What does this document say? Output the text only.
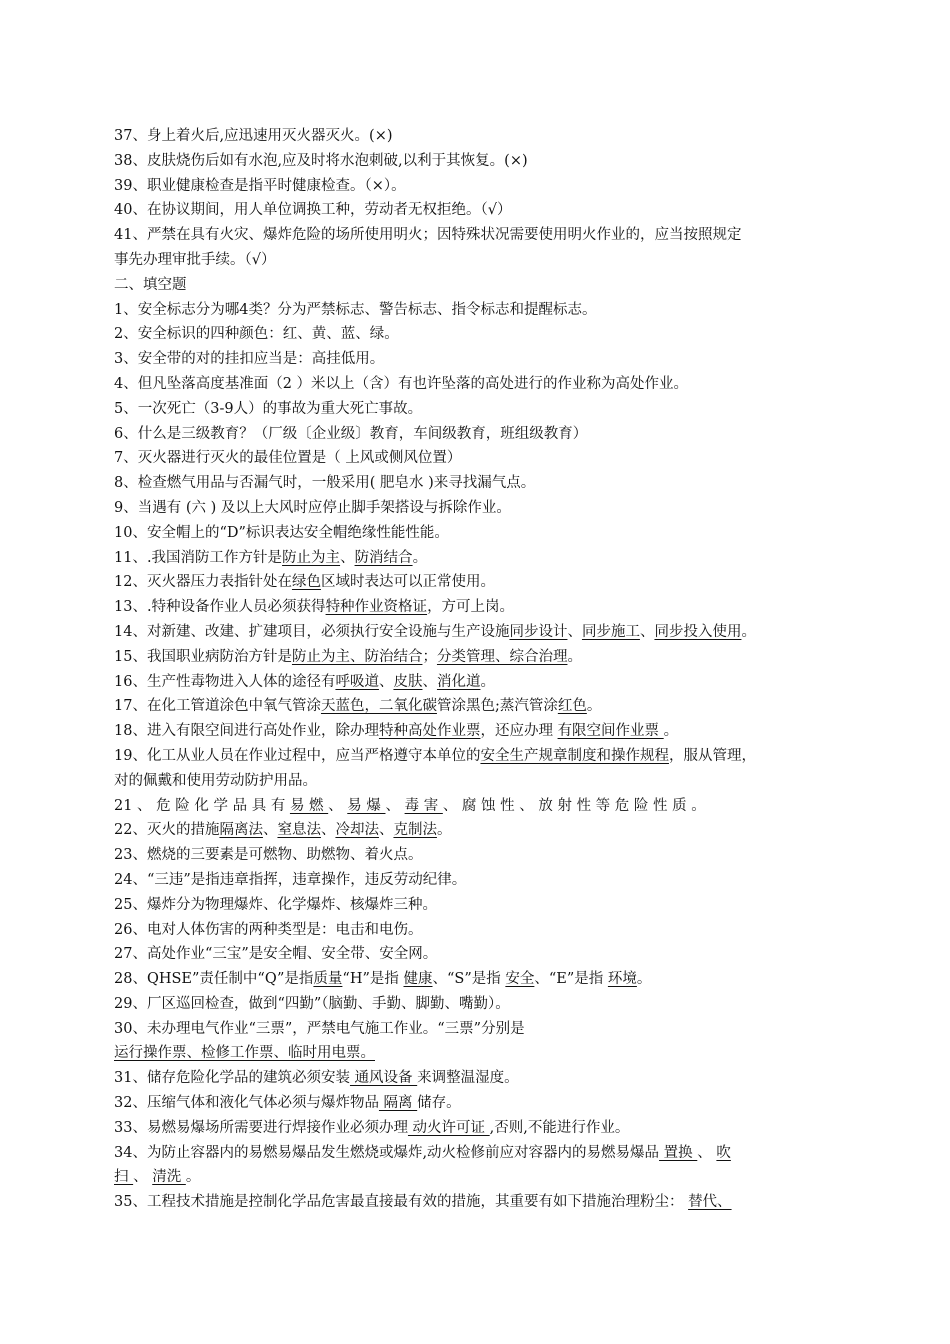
37、身上着火后,应迅速用灭火器灭火。(×)
38、皮肤烧伤后如有水泡,应及时将水泡刺破,以利于其恢复。(×)
39、职业健康检查是指平时健康检查。（×）。
40、在协议期间，用人单位调换工种，劳动者无权拒绝。（√）
41、严禁在具有火灾、爆炸危险的场所使用明火；因特殊状况需要使用明火作业的，应当按照规定
事先办理审批手续。（√）
二、填空题
1、安全标志分为哪4类？分为严禁标志、警告标志、指令标志和提醒标志。
2、安全标识的四种颜色：红、黄、蓝、绿。
3、安全带的对的挂扣应当是：高挂低用。
4、但凡坠落高度基准面（2 ）米以上（含）有也许坠落的高处进行的作业称为高处作业。
5、一次死亡（3-9人）的事故为重大死亡事故。
6、什么是三级教育？（厂级〔企业级〕教育，车间级教育，班组级教育）
7、灭火器进行灭火的最佳位置是（ 上风或侧风位置）
8、检查燃气用品与否漏气时，一般采用( 肥皂水 )来寻找漏气点。
9、当遇有 (六 ) 及以上大风时应停止脚手架搭设与拆除作业。
10、安全帽上的“D”标识表达安全帽绝缘性能性能。
11、.我国消防工作方针是防止为主、防消结合。
12、灭火器压力表指针处在绿色区域时表达可以正常使用。
13、.特种设备作业人员必须获得特种作业资格证，方可上岗。
14、对新建、改建、扩建项目，必须执行安全设施与生产设施同步设计、同步施工、同步投入使用。
15、我国职业病防治方针是防止为主、防治结合；分类管理、综合治理。
16、生产性毒物进入人体的途径有呼吸道、皮肤、消化道。
17、在化工管道涂色中氧气管涂天蓝色，二氧化碳管涂黑色;蒸汽管涂红色。
18、进入有限空间进行高处作业，除办理特种高处作业票，还应办理 有限空间作业票 。
19、化工从业人员在作业过程中，应当严格遵守本单位的安全生产规章制度和操作规程，服从管理，
对的佩戴和使用劳动防护用品。
21 、 危 险 化 学 品 具 有 易 燃 、 易 爆 、 毒 害 、 腐 蚀 性 、 放 射 性 等 危 险 性 质 。
22、灭火的措施隔离法、窒息法、冷却法、克制法。
23、燃烧的三要素是可燃物、助燃物、着火点。
24、“三违”是指违章指挥，违章操作，违反劳动纪律。
25、爆炸分为物理爆炸、化学爆炸、核爆炸三种。
26、电对人体伤害的两种类型是：电击和电伤。
27、高处作业“三宝”是安全帽、安全带、安全网。
28、QHSE”责任制中“Q”是指质量“H”是指 健康、“S”是指 安全、“E”是指 环境。
29、厂区巡回检查，做到“四勤”（脑勤、手勤、脚勤、嘴勤）。
30、未办理电气作业“三票”，严禁电气施工作业。“三票”分别是
运行操作票、检修工作票、临时用电票。
31、储存危险化学品的建筑必须安装 通风设备 来调整温湿度。
32、压缩气体和液化气体必须与爆炸物品 隔离 储存。
33、易燃易爆场所需要进行焊接作业必须办理 动火许可证 ,否则,不能进行作业。
34、为防止容器内的易燃易爆品发生燃烧或爆炸,动火检修前应对容器内的易燃易爆品 置换 、 吹
扫 、 清洗 。
35、工程技术措施是控制化学品危害最直接最有效的措施，其重要有如下措施治理粉尘： 替代、
